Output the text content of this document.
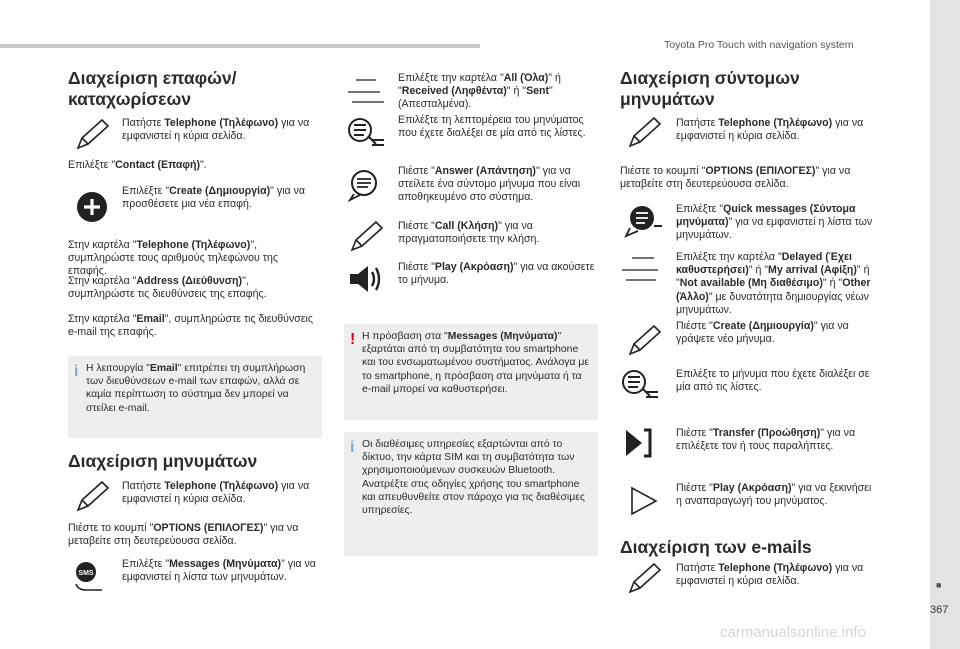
Toyota Pro Touch with navigation system
■
367
carmanualsonline.info
Διαχείριση επαφών/καταχωρίσεων
Πατήστε Telephone (Τηλέφωνο) για να εμφανιστεί η κύρια σελίδα.
Επιλέξτε "Contact (Επαφή)".
Επιλέξτε "Create (Δημιουργία)" για να προσθέσετε μια νέα επαφή.
Στην καρτέλα "Telephone (Τηλέφωνο)", συμπληρώστε τους αριθμούς τηλεφώνου της επαφής.
Στην καρτέλα "Address (Διεύθυνση)", συμπληρώστε τις διευθύνσεις της επαφής.
Στην καρτέλα "Email", συμπληρώστε τις διευθύνσεις e-mail της επαφής.
i Η λειτουργία "Email" επιτρέπει τη συμπλήρωση των διευθύνσεων e-mail των επαφών, αλλά σε καμία περίπτωση το σύστημα δεν μπορεί να στείλει e-mail.
Διαχείριση μηνυμάτων
Πατήστε Telephone (Τηλέφωνο) για να εμφανιστεί η κύρια σελίδα.
Πιέστε το κουμπί "OPTIONS (ΕΠΙΛΟΓΕΣ)" για να μεταβείτε στη δευτερεύουσα σελίδα.
SMS
Επιλέξτε "Messages (Μηνύματα)" για να εμφανιστεί η λίστα των μηνυμάτων.
Επιλέξτε την καρτέλα "All (Όλα)" ή "Received (Ληφθέντα)" ή "Sent" (Απεσταλμένα).
Επιλέξτε τη λεπτομέρεια του μηνύματος που έχετε διαλέξει σε μία από τις λίστες.
Πιέστε "Answer (Απάντηση)" για να στείλετε ένα σύντομο μήνυμα που είναι αποθηκευμένο στο σύστημα.
Πιέστε "Call (Κλήση)" για να πραγματοποιήσετε την κλήση.
Πιέστε "Play (Ακρόαση)" για να ακούσετε το μήνυμα.
! Η πρόσβαση στα "Messages (Μηνύματα)" εξαρτάται από τη συμβατότητα του smartphone και του ενσωματωμένου συστήματος. Ανάλογα με το smartphone, η πρόσβαση στα μηνύματα ή τα e-mail μπορεί να καθυστερήσει.
i Οι διαθέσιμες υπηρεσίες εξαρτώνται από το δίκτυο, την κάρτα SIM και τη συμβατότητα των χρησιμοποιούμενων συσκευών Bluetooth. Ανατρέξτε στις οδηγίες χρήσης του smartphone και απευθυνθείτε στον πάροχο για τις διαθέσιμες υπηρεσίες.
Διαχείριση σύντομων μηνυμάτων
Πατήστε Telephone (Τηλέφωνο) για να εμφανιστεί η κύρια σελίδα.
Πιέστε το κουμπί "OPTIONS (ΕΠΙΛΟΓΕΣ)" για να μεταβείτε στη δευτερεύουσα σελίδα.
Επιλέξτε "Quick messages (Σύντομα μηνύματα)" για να εμφανιστεί η λίστα των μηνυμάτων.
Επιλέξτε την καρτέλα "Delayed (Έχει καθυστερήσει)" ή "My arrival (Αφίξη)" ή "Not available (Μη διαθέσιμο)" ή "Other (Άλλο)" με δυνατότητα δημιουργίας νέων μηνυμάτων.
Πιέστε "Create (Δημιουργία)" για να γράψετε νέο μήνυμα.
Επιλέξτε το μήνυμα που έχετε διαλέξει σε μία από τις λίστες.
Πιέστε "Transfer (Προώθηση)" για να επιλέξετε τον ή τους παραλήπτες.
Πιέστε "Play (Ακρόαση)" για να ξεκινήσει η αναπαραγωγή του μηνύματος.
Διαχείριση των e-mails
Πατήστε Telephone (Τηλέφωνο) για να εμφανιστεί η κύρια σελίδα.
